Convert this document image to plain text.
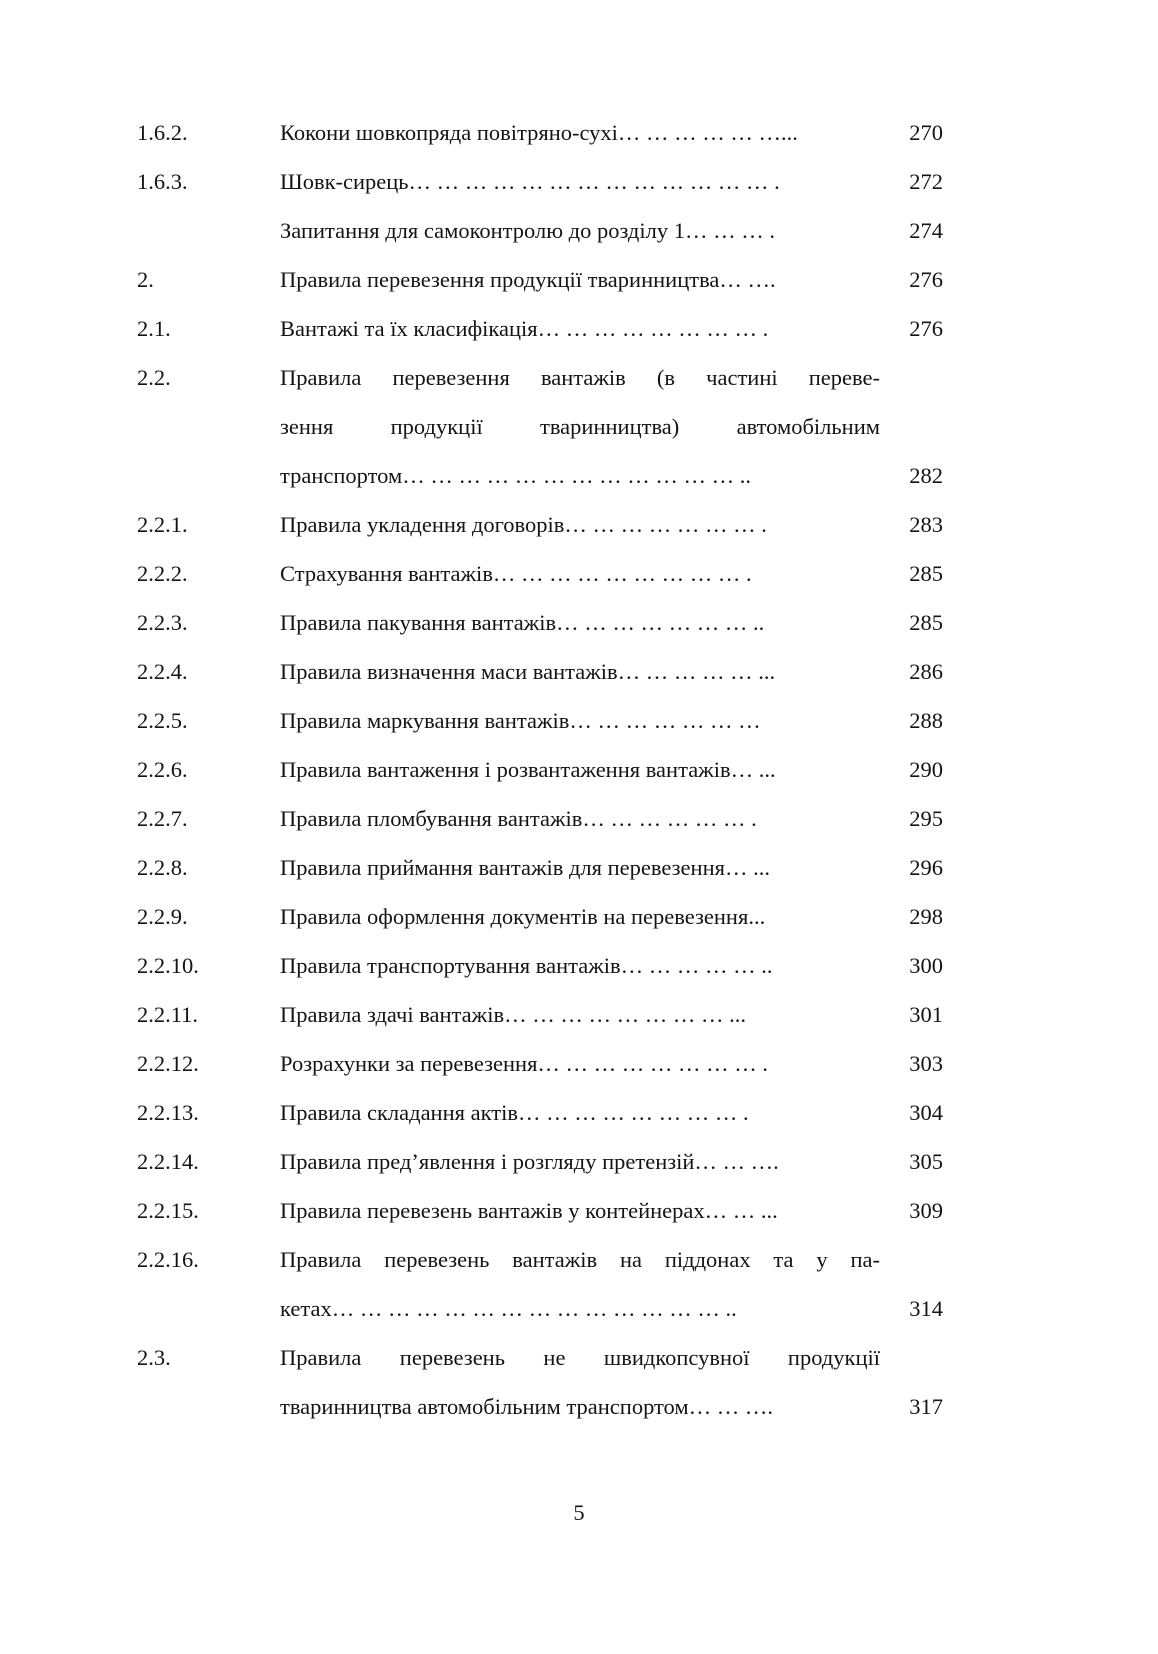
1.6.2.	Кокони шовкопряда повітряно-сухі… … … … … …...	270
1.6.3.	Шовк-сирець… … … … … … … … … … … … … .	272
Запитання для самоконтролю до розділу 1… … … .	274
2.	Правила перевезення продукції тваринництва… ….	276
2.1.	Вантажі та їх класифікація… … … … … … … … .	276
2.2.	Правила перевезення вантажів (в частині переве-
зення продукції тваринництва) автомобільним
транспортом… … … … … … … … … … … … ..	282
2.2.1.	Правила укладення договорів… … … … … … … .	283
2.2.2.	Страхування вантажів… … … … … … … … … .	285
2.2.3.	Правила пакування вантажів… … … … … … … ..	285
2.2.4.	Правила визначення маси вантажів… … … … … ...	286
2.2.5.	Правила маркування вантажів… … … … … … …	288
2.2.6.	Правила вантаження і розвантаження вантажів… ...	290
2.2.7.	Правила пломбування вантажів… … … … … … .	295
2.2.8.	Правила приймання вантажів для перевезення… ...	296
2.2.9.	Правила оформлення документів на перевезення...	298
2.2.10.	Правила транспортування вантажів… … … … … ..	300
2.2.11.	Правила здачі вантажів… … … … … … … … ...	301
2.2.12.	Розрахунки за перевезення… … … … … … … … .	303
2.2.13.	Правила складання актів… … … … … … … … .	304
2.2.14.	Правила пред’явлення і розгляду претензій… … ….	305
2.2.15.	Правила перевезень вантажів у контейнерах… … ...	309
2.2.16.	Правила перевезень вантажів на піддонах та у па-
кетах… … … … … … … … … … … … … … ..	314
2.3.	Правила перевезень не швидкопсувної продукції
тваринництва автомобільним транспортом… … ….	317
5
